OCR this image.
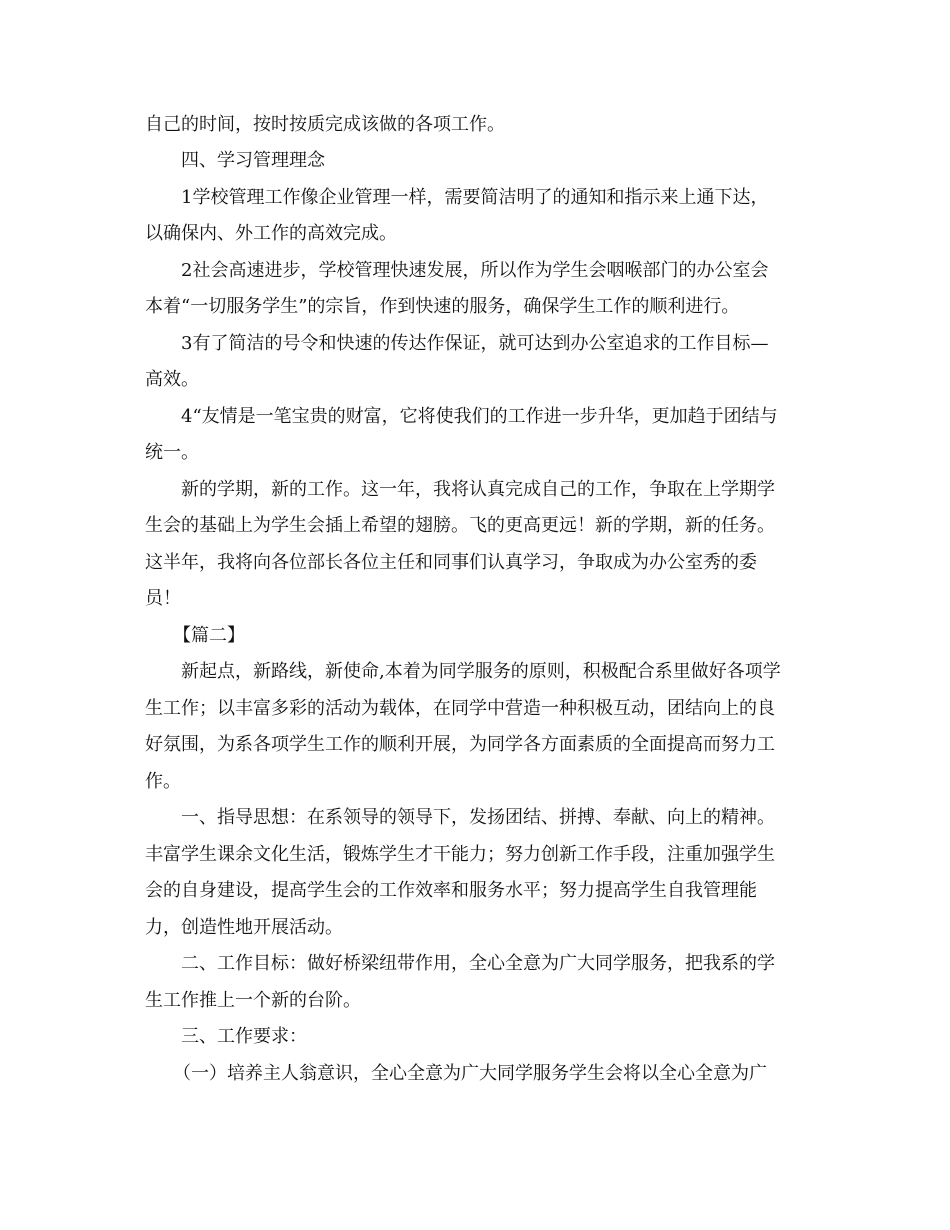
自己的时间，按时按质完成该做的各项工作。

四、学习管理理念

1学校管理工作像企业管理一样，需要简洁明了的通知和指示来上通下达，

以确保内、外工作的高效完成。

2社会高速进步，学校管理快速发展，所以作为学生会咽喉部门的办公室会

本着“一切服务学生”的宗旨，作到快速的服务，确保学生工作的顺利进行。

3有了简洁的号令和快速的传达作保证，就可达到办公室追求的工作目标—

高效。

4“友情是一笔宝贵的财富，它将使我们的工作进一步升华，更加趋于团结与

统一。

新的学期，新的工作。这一年，我将认真完成自己的工作，争取在上学期学

生会的基础上为学生会插上希望的翅膀。飞的更高更远！新的学期，新的任务。

这半年，我将向各位部长各位主任和同事们认真学习，争取成为办公室秀的委

员！

【篇二】

新起点，新路线，新使命,本着为同学服务的原则，积极配合系里做好各项学

生工作；以丰富多彩的活动为载体，在同学中营造一种积极互动，团结向上的良

好氛围，为系各项学生工作的顺利开展，为同学各方面素质的全面提高而努力工

作。

一、指导思想：在系领导的领导下，发扬团结、拼搏、奉献、向上的精神。

丰富学生课余文化生活，锻炼学生才干能力；努力创新工作手段，注重加强学生

会的自身建设，提高学生会的工作效率和服务水平；努力提高学生自我管理能

力，创造性地开展活动。

二、工作目标：做好桥梁纽带作用，全心全意为广大同学服务，把我系的学

生工作推上一个新的台阶。

三、工作要求：

（一）培养主人翁意识，全心全意为广大同学服务学生会将以全心全意为广
